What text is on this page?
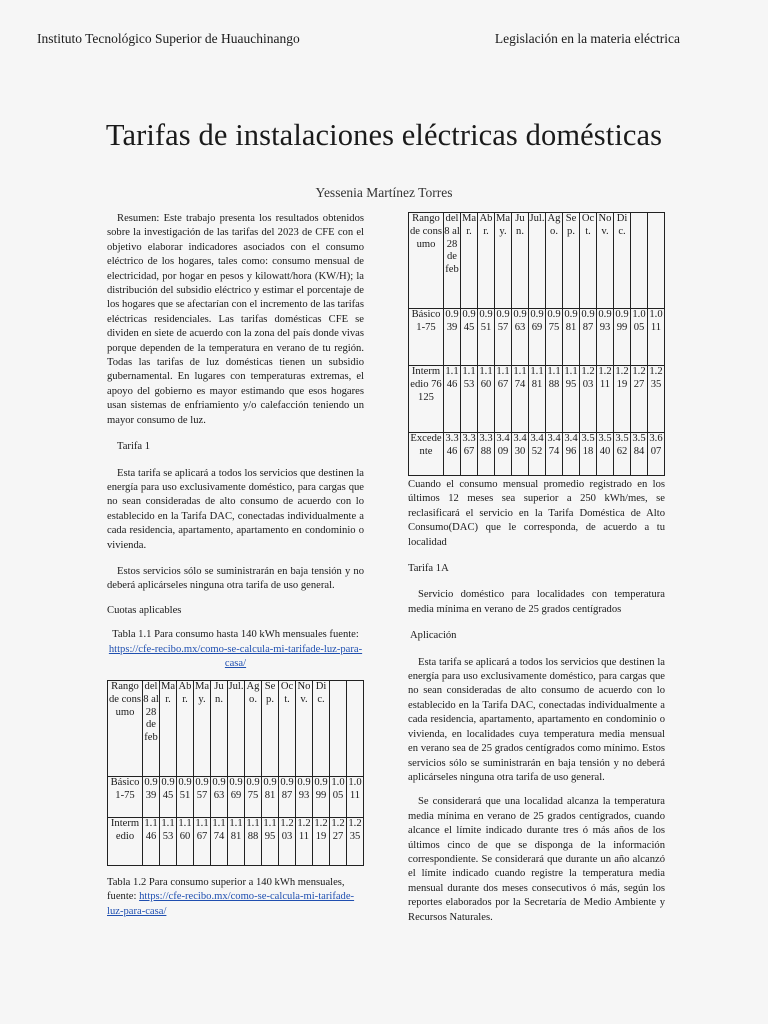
Instituto Tecnológico Superior de Huauchinango	Legislación en la materia eléctrica
Tarifas de instalaciones eléctricas domésticas
Yessenia Martínez Torres

Resumen: Este trabajo presenta los resultados obtenidos sobre la investigación de las tarifas del 2023 de CFE con el objetivo elaborar indicadores asociados con el consumo eléctrico de los hogares, tales como: consumo mensual de electricidad, por hogar en pesos y kilowatt/hora (KW/H); la distribución del subsidio eléctrico y estimar el porcentaje de los hogares que se afectarían con el incremento de las tarifas eléctricas residenciales. Las tarifas domésticas CFE se dividen en siete de acuerdo con la zona del país donde vivas porque dependen de la temperatura en verano de tu región. Todas las tarifas de luz domésticas tienen un subsidio gubernamental. En lugares con temperaturas extremas, el apoyo del gobierno es mayor estimando que esos hogares usan sistemas de enfriamiento y/o calefacción teniendo un mayor consumo de luz.

Tarifa 1

Esta tarifa se aplicará a todos los servicios que destinen la energía para uso exclusivamente doméstico, para cargas que no sean consideradas de alto consumo de acuerdo con lo establecido en la Tarifa DAC, conectadas individualmente a cada residencia, apartamento, apartamento en condominio o vivienda.

Estos servicios sólo se suministrarán en baja tensión y no deberá aplicárseles ninguna otra tarifa de uso general.

Cuotas aplicables

Tabla 1.1 Para consumo hasta 140 kWh mensuales fuente: https://cfe-recibo.mx/como-se-calcula-mi-tarifade-luz-para-casa/

Rango de consumo	del 8 al 28 de feb	Mar.	Abr.	May.	Jun.	Jul.	Ago.	Sep.	Oct.	Nov.	Dic.		
Básico 1-75	0.939	0.945	0.951	0.957	0.963	0.969	0.975	0.981	0.987	0.993	0.999	1.005	1.011
Intermedio	1.146	1.153	1.160	1.167	1.174	1.181	1.188	1.195	1.203	1.211	1.219	1.227	1.235

Tabla 1.2 Para consumo superior a 140 kWh mensuales, fuente: https://cfe-recibo.mx/como-se-calcula-mi-tarifade-luz-para-casa/

Rango de consumo	del 8 al 28 de feb	Mar.	Abr.	May.	Jun.	Jul.	Ago.	Sep.	Oct.	Nov.	Dic.		
Básico 1-75	0.939	0.945	0.951	0.957	0.963	0.969	0.975	0.981	0.987	0.993	0.999	1.005	1.011
Intermedio 76125	1.146	1.153	1.160	1.167	1.174	1.181	1.188	1.195	1.203	1.211	1.219	1.227	1.235
Excedente	3.346	3.367	3.388	3.409	3.430	3.452	3.474	3.496	3.518	3.540	3.562	3.584	3.607

Cuando el consumo mensual promedio registrado en los últimos 12 meses sea superior a 250 kWh/mes, se reclasificará el servicio en la Tarifa Doméstica de Alto Consumo(DAC) que le corresponda, de acuerdo a tu localidad

Tarifa 1A

Servicio doméstico para localidades con temperatura media mínima en verano de 25 grados centígrados

Aplicación

Esta tarifa se aplicará a todos los servicios que destinen la energía para uso exclusivamente doméstico, para cargas que no sean consideradas de alto consumo de acuerdo con lo establecido en la Tarifa DAC, conectadas individualmente a cada residencia, apartamento, apartamento en condominio o vivienda, en localidades cuya temperatura media mensual en verano sea de 25 grados centígrados como mínimo. Estos servicios sólo se suministrarán en baja tensión y no deberá aplicárseles ninguna otra tarifa de uso general.

Se considerará que una localidad alcanza la temperatura media mínima en verano de 25 grados centígrados, cuando alcance el límite indicado durante tres ó más años de los últimos cinco de que se disponga de la información correspondiente. Se considerará que durante un año alcanzó el límite indicado cuando registre la temperatura media mensual durante dos meses consecutivos ó más, según los reportes elaborados por la Secretaría de Medio Ambiente y Recursos Naturales.
